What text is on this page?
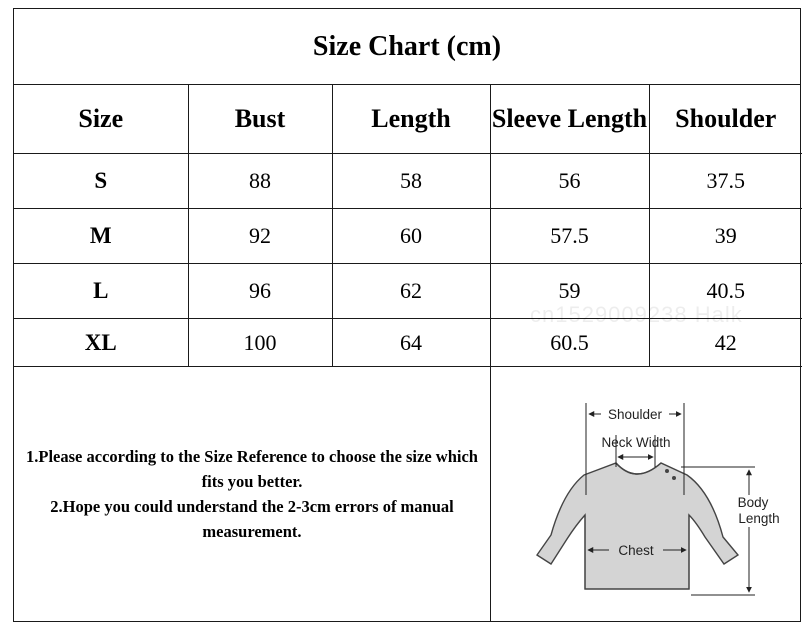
Size Chart (cm)
Size	Bust	Length	Sleeve Length	Shoulder
S	88	58	56	37.5
M	92	60	57.5	39
L	96	62	59	40.5
XL	100	64	60.5	42

1.Please according to the Size Reference to choose the size which fits you better.

2.Hope you could understand the 2-3cm errors of manual measurement.

Shoulder
Neck Width
Chest
Body
Length
cn1529009238 Halk
